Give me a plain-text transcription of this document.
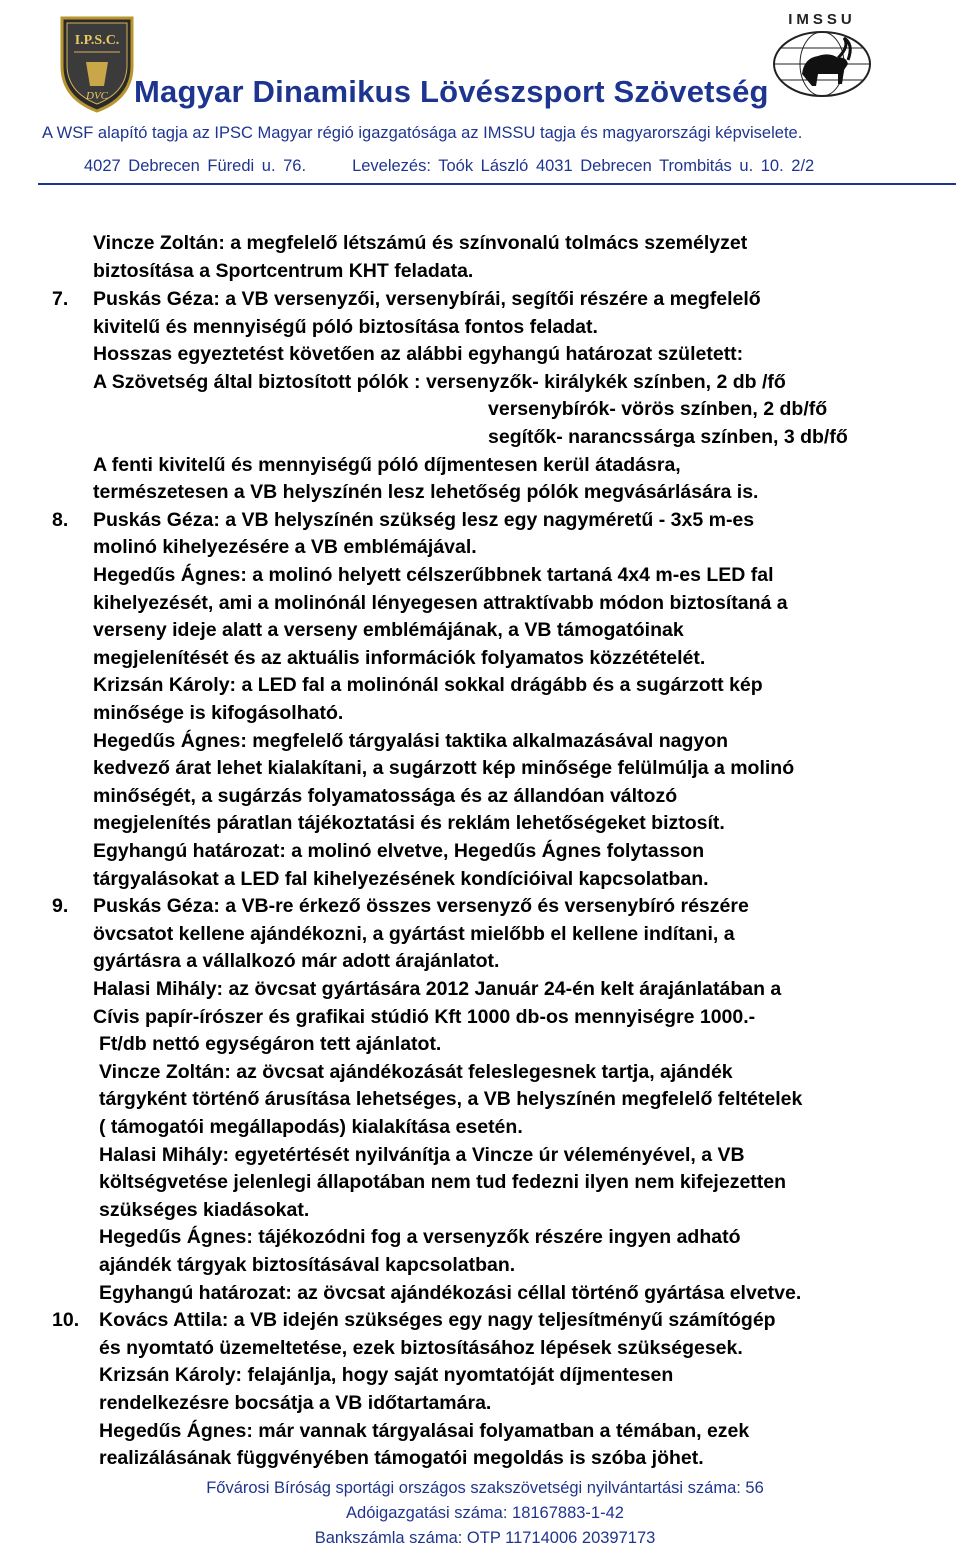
I.P.S.C.
DVC
IMSSU
Magyar Dinamikus Lövészsport Szövetség
A WSF alapító tagja az IPSC Magyar régió igazgatósága az IMSSU tagja és magyarországi képviselete.
4027 Debrecen Füredi u. 76.	Levelezés: Toók László 4031 Debrecen Trombitás u. 10. 2/2
Vincze Zoltán: a megfelelő létszámú és színvonalú tolmács személyzet
biztosítása a Sportcentrum KHT feladata.
7. Puskás Géza: a VB versenyzői, versenybírái, segítői részére a megfelelő
kivitelű és mennyiségű póló biztosítása fontos feladat.
Hosszas egyeztetést követően az alábbi egyhangú határozat született:
A Szövetség által biztosított pólók : versenyzők- királykék színben, 2 db /fő
versenybírók- vörös színben, 2 db/fő
segítők- narancssárga színben, 3 db/fő
A fenti kivitelű és mennyiségű póló díjmentesen kerül átadásra,
természetesen a VB helyszínén lesz lehetőség pólók megvásárlására is.
8. Puskás Géza: a VB helyszínén szükség lesz egy nagyméretű - 3x5 m-es
molinó kihelyezésére a VB emblémájával.
Hegedűs Ágnes: a molinó helyett célszerűbbnek tartaná 4x4 m-es LED fal
kihelyezését, ami a molinónál lényegesen attraktívabb módon biztosítaná a
verseny ideje alatt a verseny emblémájának, a VB támogatóinak
megjelenítését és az aktuális információk folyamatos közzétételét.
Krizsán Károly: a LED fal a molinónál sokkal drágább és a sugárzott kép
minősége is kifogásolható.
Hegedűs Ágnes: megfelelő tárgyalási taktika alkalmazásával nagyon
kedvező árat lehet kialakítani, a sugárzott kép minősége felülmúlja a molinó
minőségét, a sugárzás folyamatossága és az állandóan változó
megjelenítés páratlan tájékoztatási és reklám lehetőségeket biztosít.
Egyhangú határozat: a molinó elvetve, Hegedűs Ágnes folytasson
tárgyalásokat a LED fal kihelyezésének kondícióival kapcsolatban.
9. Puskás Géza: a VB-re érkező összes versenyző és versenybíró részére
övcsatot kellene ajándékozni, a gyártást mielőbb el kellene indítani, a
gyártásra a vállalkozó már adott árajánlatot.
Halasi Mihály: az övcsat gyártására 2012 Január 24-én kelt árajánlatában a
Cívis papír-írószer és grafikai stúdió Kft 1000 db-os mennyiségre 1000.-
Ft/db nettó egységáron tett ajánlatot.
Vincze Zoltán: az övcsat ajándékozását feleslegesnek tartja, ajándék
tárgyként történő árusítása lehetséges, a VB helyszínén megfelelő feltételek
( támogatói megállapodás) kialakítása esetén.
Halasi Mihály: egyetértését nyilvánítja a Vincze úr véleményével, a VB
költségvetése jelenlegi állapotában nem tud fedezni ilyen nem kifejezetten
szükséges kiadásokat.
Hegedűs Ágnes: tájékozódni fog a versenyzők részére ingyen adható
ajándék tárgyak biztosításával kapcsolatban.
Egyhangú határozat: az övcsat ajándékozási céllal történő gyártása elvetve.
10. Kovács Attila: a VB idején szükséges egy nagy teljesítményű számítógép
és nyomtató üzemeltetése, ezek biztosításához lépések szükségesek.
Krizsán Károly: felajánlja, hogy saját nyomtatóját díjmentesen
rendelkezésre bocsátja a VB időtartamára.
Hegedűs Ágnes: már vannak tárgyalásai folyamatban a témában, ezek
realizálásának függvényében támogatói megoldás is szóba jöhet.
Fővárosi Bíróság sportági országos szakszövetségi nyilvántartási száma: 56
Adóigazgatási száma: 18167883-1-42
Bankszámla száma: OTP 11714006 20397173
